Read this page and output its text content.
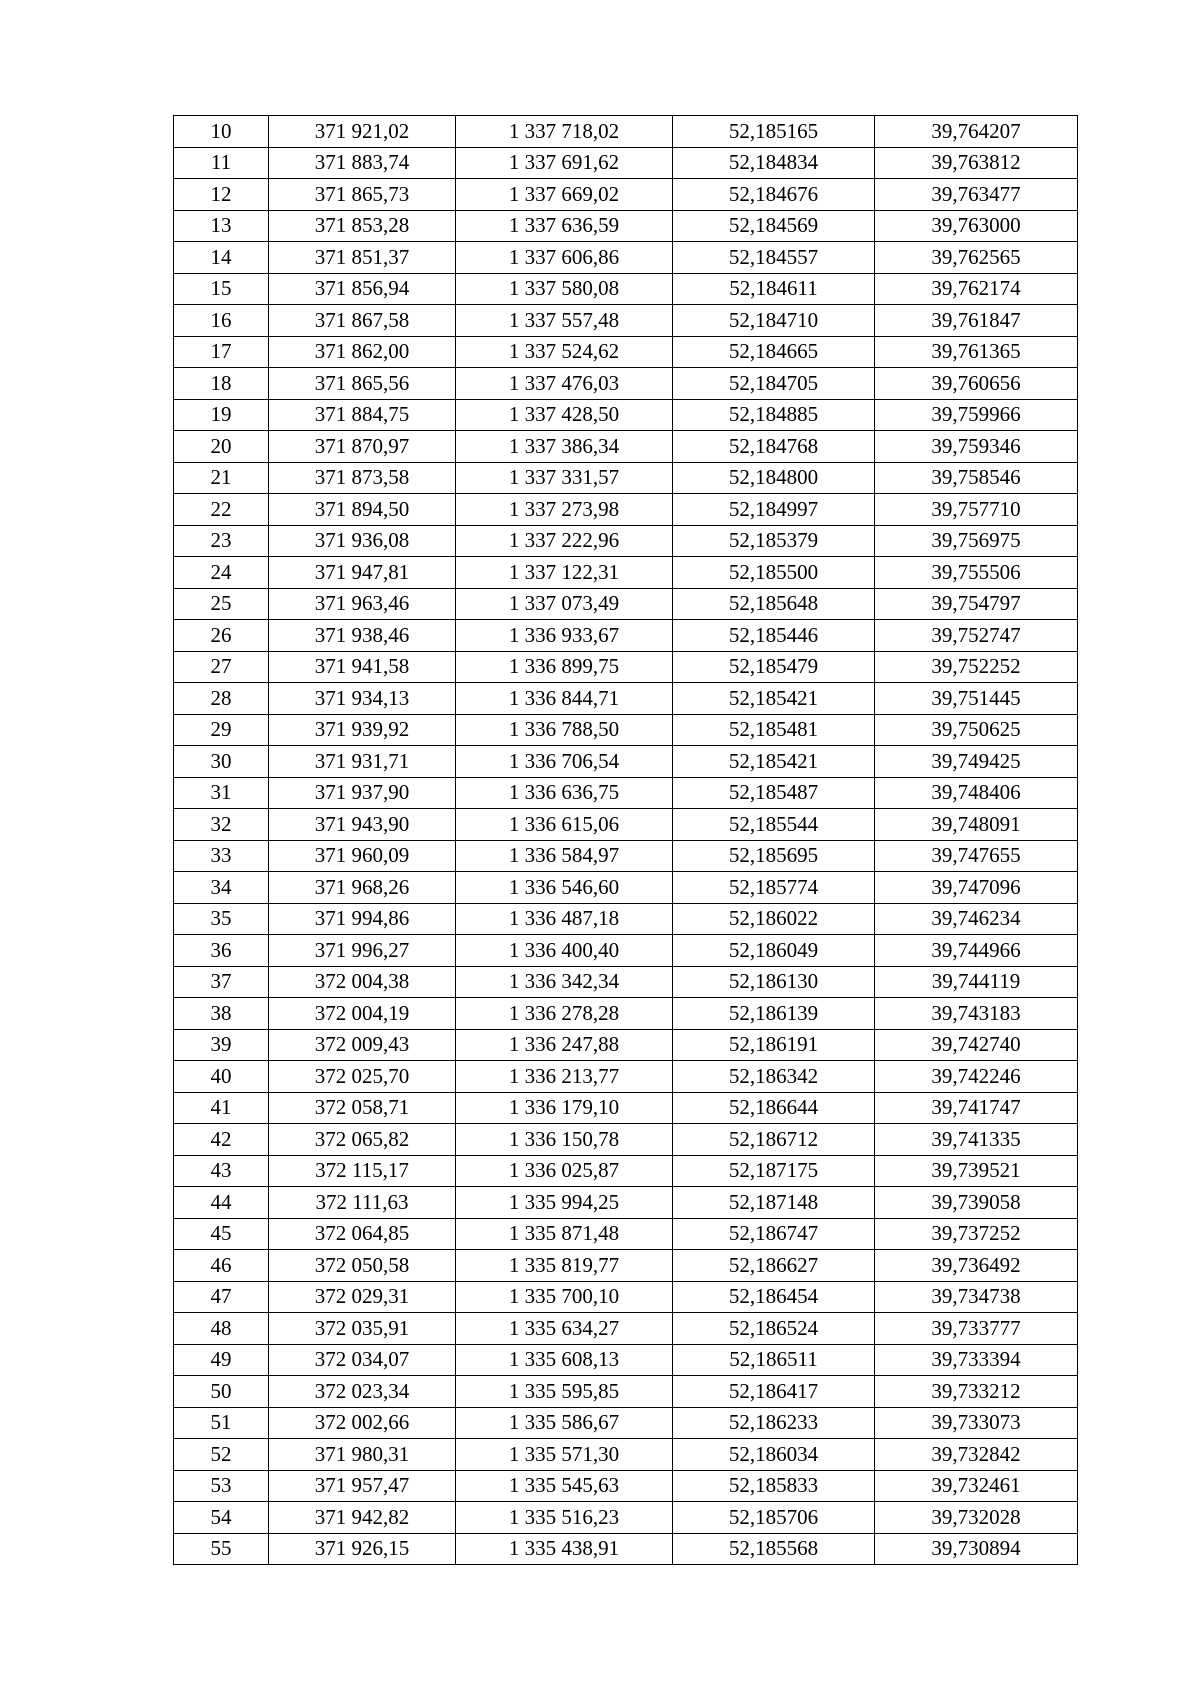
10	371 921,02	1 337 718,02	52,185165	39,764207
11	371 883,74	1 337 691,62	52,184834	39,763812
12	371 865,73	1 337 669,02	52,184676	39,763477
13	371 853,28	1 337 636,59	52,184569	39,763000
14	371 851,37	1 337 606,86	52,184557	39,762565
15	371 856,94	1 337 580,08	52,184611	39,762174
16	371 867,58	1 337 557,48	52,184710	39,761847
17	371 862,00	1 337 524,62	52,184665	39,761365
18	371 865,56	1 337 476,03	52,184705	39,760656
19	371 884,75	1 337 428,50	52,184885	39,759966
20	371 870,97	1 337 386,34	52,184768	39,759346
21	371 873,58	1 337 331,57	52,184800	39,758546
22	371 894,50	1 337 273,98	52,184997	39,757710
23	371 936,08	1 337 222,96	52,185379	39,756975
24	371 947,81	1 337 122,31	52,185500	39,755506
25	371 963,46	1 337 073,49	52,185648	39,754797
26	371 938,46	1 336 933,67	52,185446	39,752747
27	371 941,58	1 336 899,75	52,185479	39,752252
28	371 934,13	1 336 844,71	52,185421	39,751445
29	371 939,92	1 336 788,50	52,185481	39,750625
30	371 931,71	1 336 706,54	52,185421	39,749425
31	371 937,90	1 336 636,75	52,185487	39,748406
32	371 943,90	1 336 615,06	52,185544	39,748091
33	371 960,09	1 336 584,97	52,185695	39,747655
34	371 968,26	1 336 546,60	52,185774	39,747096
35	371 994,86	1 336 487,18	52,186022	39,746234
36	371 996,27	1 336 400,40	52,186049	39,744966
37	372 004,38	1 336 342,34	52,186130	39,744119
38	372 004,19	1 336 278,28	52,186139	39,743183
39	372 009,43	1 336 247,88	52,186191	39,742740
40	372 025,70	1 336 213,77	52,186342	39,742246
41	372 058,71	1 336 179,10	52,186644	39,741747
42	372 065,82	1 336 150,78	52,186712	39,741335
43	372 115,17	1 336 025,87	52,187175	39,739521
44	372 111,63	1 335 994,25	52,187148	39,739058
45	372 064,85	1 335 871,48	52,186747	39,737252
46	372 050,58	1 335 819,77	52,186627	39,736492
47	372 029,31	1 335 700,10	52,186454	39,734738
48	372 035,91	1 335 634,27	52,186524	39,733777
49	372 034,07	1 335 608,13	52,186511	39,733394
50	372 023,34	1 335 595,85	52,186417	39,733212
51	372 002,66	1 335 586,67	52,186233	39,733073
52	371 980,31	1 335 571,30	52,186034	39,732842
53	371 957,47	1 335 545,63	52,185833	39,732461
54	371 942,82	1 335 516,23	52,185706	39,732028
55	371 926,15	1 335 438,91	52,185568	39,730894
